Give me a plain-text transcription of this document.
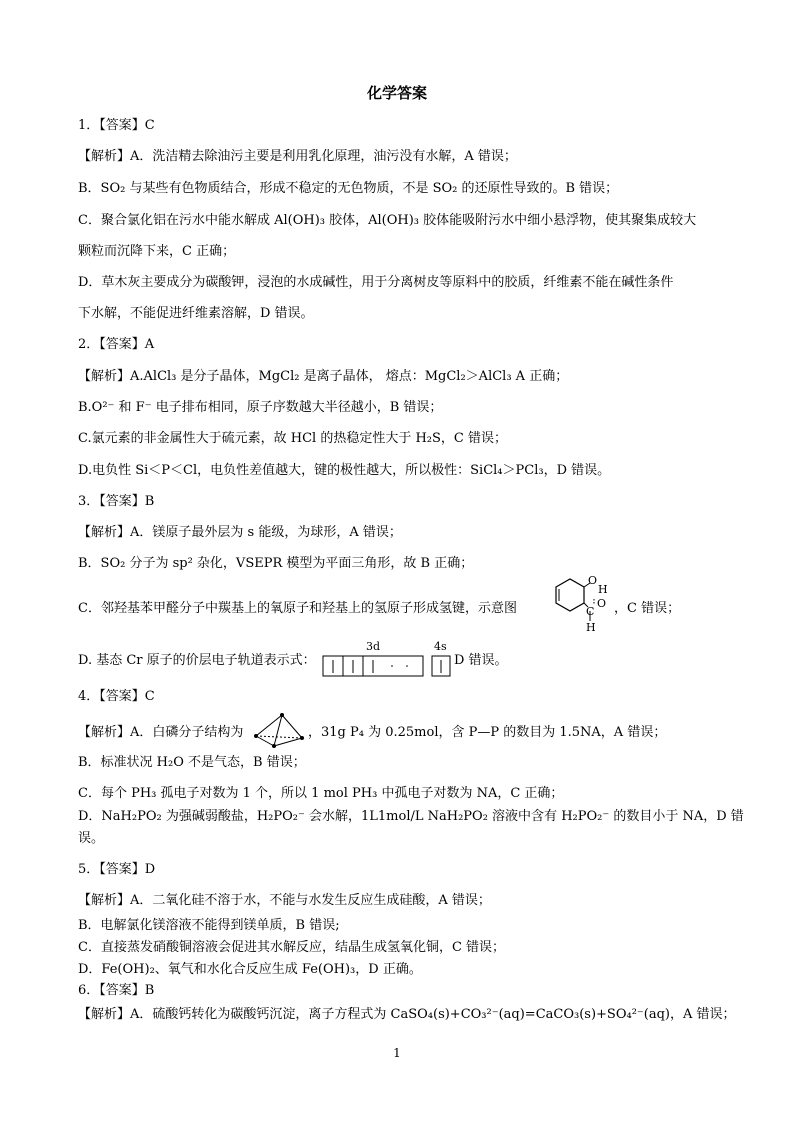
化学答案
1．【答案】C
【解析】A．洗洁精去除油污主要是利用乳化原理，油污没有水解，A 错误；
B．SO₂ 与某些有色物质结合，形成不稳定的无色物质，不是 SO₂ 的还原性导致的。B 错误；
C．聚合氯化铝在污水中能水解成 Al(OH)₃ 胶体，Al(OH)₃ 胶体能吸附污水中细小悬浮物，使其聚集成较大
颗粒而沉降下来，C 正确；
D．草木灰主要成分为碳酸钾，浸泡的水成碱性，用于分离树皮等原料中的胶质，纤维素不能在碱性条件
下水解，不能促进纤维素溶解，D 错误。
2．【答案】A
【解析】A.AlCl₃ 是分子晶体，MgCl₂ 是离子晶体， 熔点：MgCl₂＞AlCl₃ A 正确；
B.O²⁻ 和 F⁻ 电子排布相同，原子序数越大半径越小，B 错误；
C.氯元素的非金属性大于硫元素，故 HCl 的热稳定性大于 H₂S，C 错误；
D.电负性 Si＜P＜Cl，电负性差值越大，键的极性越大，所以极性：SiCl₄＞PCl₃，D 错误。
3．【答案】B
【解析】A．镁原子最外层为 s 能级，为球形，A 错误；
B．SO₂ 分子为 sp² 杂化，VSEPR 模型为平面三角形，故 B 正确；
C．邻羟基苯甲醛分子中羰基上的氧原子和羟基上的氢原子形成氢键，示意图
O
H
O
C
H
，C 错误；
D. 基态 Cr 原子的价层电子轨道表示式：
3d	4s
D 错误。
4．【答案】C
【解析】A．白磷分子结构为	，31g P₄ 为 0.25mol，含 P—P 的数目为 1.5NA，A 错误；
B．标准状况 H₂O 不是气态，B 错误；
C．每个 PH₃ 孤电子对数为 1 个，所以 1 mol PH₃ 中孤电子对数为 NA，C 正确；
D．NaH₂PO₂ 为强碱弱酸盐，H₂PO₂⁻ 会水解，1L1mol/L NaH₂PO₂ 溶液中含有 H₂PO₂⁻ 的数目小于 NA，D 错
误。
5．【答案】D
【解析】A．二氧化硅不溶于水，不能与水发生反应生成硅酸，A 错误；
B．电解氯化镁溶液不能得到镁单质，B 错误;
C．直接蒸发硝酸铜溶液会促进其水解反应，结晶生成氢氧化铜，C 错误；
D．Fe(OH)₂、氧气和水化合反应生成 Fe(OH)₃，D 正确。
6．【答案】B
【解析】A．硫酸钙转化为碳酸钙沉淀，离子方程式为 CaSO₄(s)+CO₃²⁻(aq)=CaCO₃(s)+SO₄²⁻(aq)，A 错误；
1
